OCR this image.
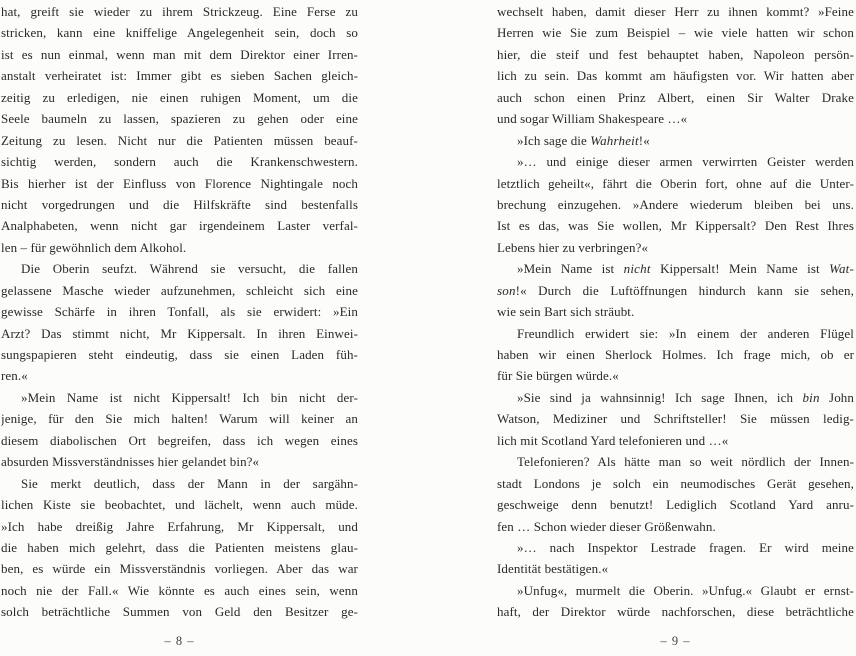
hat, greift sie wieder zu ihrem Strickzeug. Eine Ferse zu
stricken, kann eine kniffelige Angelegenheit sein, doch so
ist es nun einmal, wenn man mit dem Direktor einer Irren-
anstalt verheiratet ist: Immer gibt es sieben Sachen gleich-
zeitig zu erledigen, nie einen ruhigen Moment, um die
Seele baumeln zu lassen, spazieren zu gehen oder eine
Zeitung zu lesen. Nicht nur die Patienten müssen beauf-
sichtig werden, sondern auch die Krankenschwestern.
Bis hierher ist der Einfluss von Florence Nightingale noch
nicht vorgedrungen und die Hilfskräfte sind bestenfalls
Analphabeten, wenn nicht gar irgendeinem Laster verfal-
len – für gewöhnlich dem Alkohol.
Die Oberin seufzt. Während sie versucht, die fallen
gelassene Masche wieder aufzunehmen, schleicht sich eine
gewisse Schärfe in ihren Tonfall, als sie erwidert: »Ein
Arzt? Das stimmt nicht, Mr Kippersalt. In ihren Einwei-
sungspapieren steht eindeutig, dass sie einen Laden füh-
ren.«
»Mein Name ist nicht Kippersalt! Ich bin nicht der-
jenige, für den Sie mich halten! Warum will keiner an
diesem diabolischen Ort begreifen, dass ich wegen eines
absurden Missverständnisses hier gelandet bin?«
Sie merkt deutlich, dass der Mann in der sargähn-
lichen Kiste sie beobachtet, und lächelt, wenn auch müde.
»Ich habe dreißig Jahre Erfahrung, Mr Kippersalt, und
die haben mich gelehrt, dass die Patienten meistens glau-
ben, es würde ein Missverständnis vorliegen. Aber das war
noch nie der Fall.« Wie könnte es auch eines sein, wenn
solch beträchtliche Summen von Geld den Besitzer ge-
– 8 –
wechselt haben, damit dieser Herr zu ihnen kommt? »Feine
Herren wie Sie zum Beispiel – wie viele hatten wir schon
hier, die steif und fest behauptet haben, Napoleon persön-
lich zu sein. Das kommt am häufigsten vor. Wir hatten aber
auch schon einen Prinz Albert, einen Sir Walter Drake
und sogar William Shakespeare …«
»Ich sage die Wahrheit!«
»… und einige dieser armen verwirrten Geister werden
letztlich geheilt«, fährt die Oberin fort, ohne auf die Unter-
brechung einzugehen. »Andere wiederum bleiben bei uns.
Ist es das, was Sie wollen, Mr Kippersalt? Den Rest Ihres
Lebens hier zu verbringen?«
»Mein Name ist nicht Kippersalt! Mein Name ist Wat-
son!« Durch die Luftöffnungen hindurch kann sie sehen,
wie sein Bart sich sträubt.
Freundlich erwidert sie: »In einem der anderen Flügel
haben wir einen Sherlock Holmes. Ich frage mich, ob er
für Sie bürgen würde.«
»Sie sind ja wahnsinnig! Ich sage Ihnen, ich bin John
Watson, Mediziner und Schriftsteller! Sie müssen ledig-
lich mit Scotland Yard telefonieren und …«
Telefonieren? Als hätte man so weit nördlich der Innen-
stadt Londons je solch ein neumodisches Gerät gesehen,
geschweige denn benutzt! Lediglich Scotland Yard anru-
fen … Schon wieder dieser Größenwahn.
»… nach Inspektor Lestrade fragen. Er wird meine
Identität bestätigen.«
»Unfug«, murmelt die Oberin. »Unfug.« Glaubt er ernst-
haft, der Direktor würde nachforschen, diese beträchtliche
– 9 –
